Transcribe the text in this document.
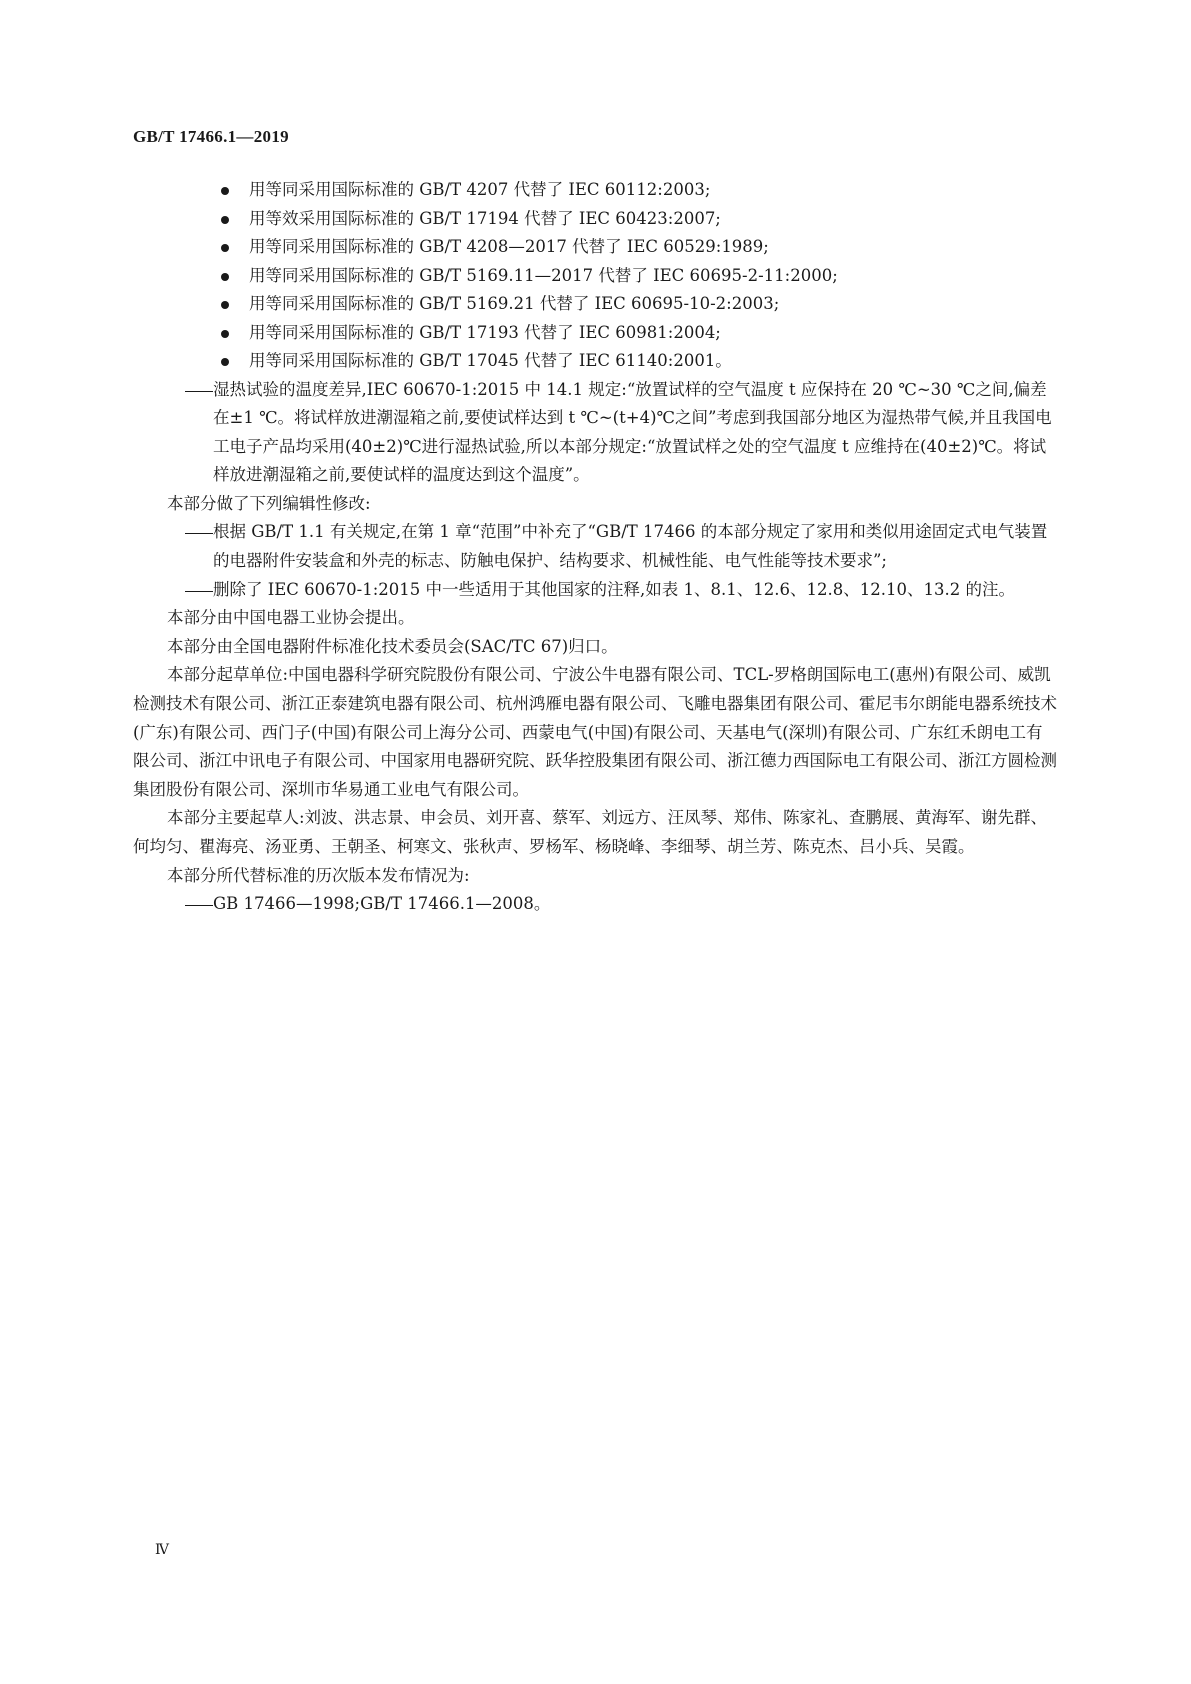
GB/T 17466.1—2019
用等同采用国际标准的 GB/T 4207 代替了 IEC 60112:2003;
用等效采用国际标准的 GB/T 17194 代替了 IEC 60423:2007;
用等同采用国际标准的 GB/T 4208—2017 代替了 IEC 60529:1989;
用等同采用国际标准的 GB/T 5169.11—2017 代替了 IEC 60695-2-11:2000;
用等同采用国际标准的 GB/T 5169.21 代替了 IEC 60695-10-2:2003;
用等同采用国际标准的 GB/T 17193 代替了 IEC 60981:2004;
用等同采用国际标准的 GB/T 17045 代替了 IEC 61140:2001。
湿热试验的温度差异,IEC 60670-1:2015 中 14.1 规定:“放置试样的空气温度 t 应保持在 20 ℃~30 ℃之间,偏差在±1 ℃。将试样放进潮湿箱之前,要使试样达到 t ℃~(t+4)℃之间”考虑到我国部分地区为湿热带气候,并且我国电工电子产品均采用(40±2)℃进行湿热试验,所以本部分规定:“放置试样之处的空气温度 t 应维持在(40±2)℃。将试样放进潮湿箱之前,要使试样的温度达到这个温度”。

本部分做了下列编辑性修改:

根据 GB/T 1.1 有关规定,在第 1 章“范围”中补充了“GB/T 17466 的本部分规定了家用和类似用途固定式电气装置的电器附件安装盒和外壳的标志、防触电保护、结构要求、机械性能、电气性能等技术要求”;
删除了 IEC 60670-1:2015 中一些适用于其他国家的注释,如表 1、8.1、12.6、12.8、12.10、13.2 的注。

本部分由中国电器工业协会提出。

本部分由全国电器附件标准化技术委员会(SAC/TC 67)归口。

本部分起草单位:中国电器科学研究院股份有限公司、宁波公牛电器有限公司、TCL-罗格朗国际电工(惠州)有限公司、威凯检测技术有限公司、浙江正泰建筑电器有限公司、杭州鸿雁电器有限公司、飞雕电器集团有限公司、霍尼韦尔朗能电器系统技术(广东)有限公司、西门子(中国)有限公司上海分公司、西蒙电气(中国)有限公司、天基电气(深圳)有限公司、广东红禾朗电工有限公司、浙江中讯电子有限公司、中国家用电器研究院、跃华控股集团有限公司、浙江德力西国际电工有限公司、浙江方圆检测集团股份有限公司、深圳市华易通工业电气有限公司。

本部分主要起草人:刘波、洪志景、申会员、刘开喜、蔡军、刘远方、汪凤琴、郑伟、陈家礼、查鹏展、黄海军、谢先群、何均匀、瞿海亮、汤亚勇、王朝圣、柯寒文、张秋声、罗杨军、杨晓峰、李细琴、胡兰芳、陈克杰、吕小兵、吴霞。

本部分所代替标准的历次版本发布情况为:

GB 17466—1998;GB/T 17466.1—2008。
Ⅳ
